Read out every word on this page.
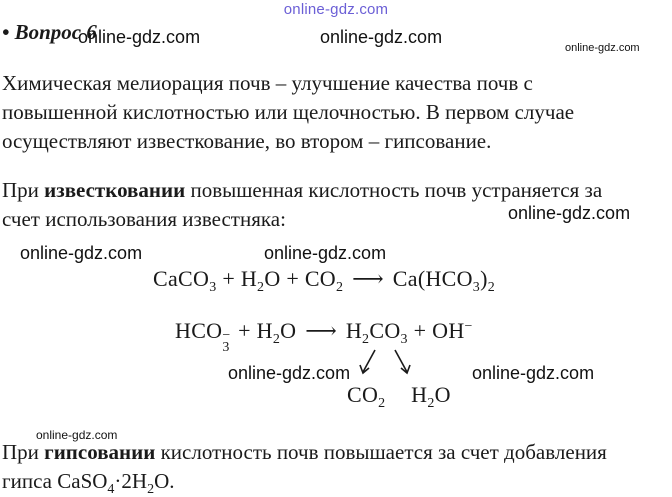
online-gdz.com
• Вопрос 6
online-gdz.com	online-gdz.com
online-gdz.com
Химическая мелиорация почв – улучшение качества почв с
повышенной кислотностью или щелочностью. В первом случае
осуществляют известкование, во втором – гипсование.
При известковании повышенная кислотность почв устраняется за
счет использования известняка:	online-gdz.com
online-gdz.com	online-gdz.com
CaCO$_3$ + $H_2O + CO_2$ ⟶ $Ca(HCO_3)_2$
HCO −
3
+ $H_2O$ ⟶ $H_2CO_3 + OH^-$
online-gdz.com	online-gdz.com
$CO_2$ $H_2O$
online-gdz.com
При гипсовании кислотность почв повышается за счет добавления
гипса $CaSO_4\cdot 2H_2O$.
